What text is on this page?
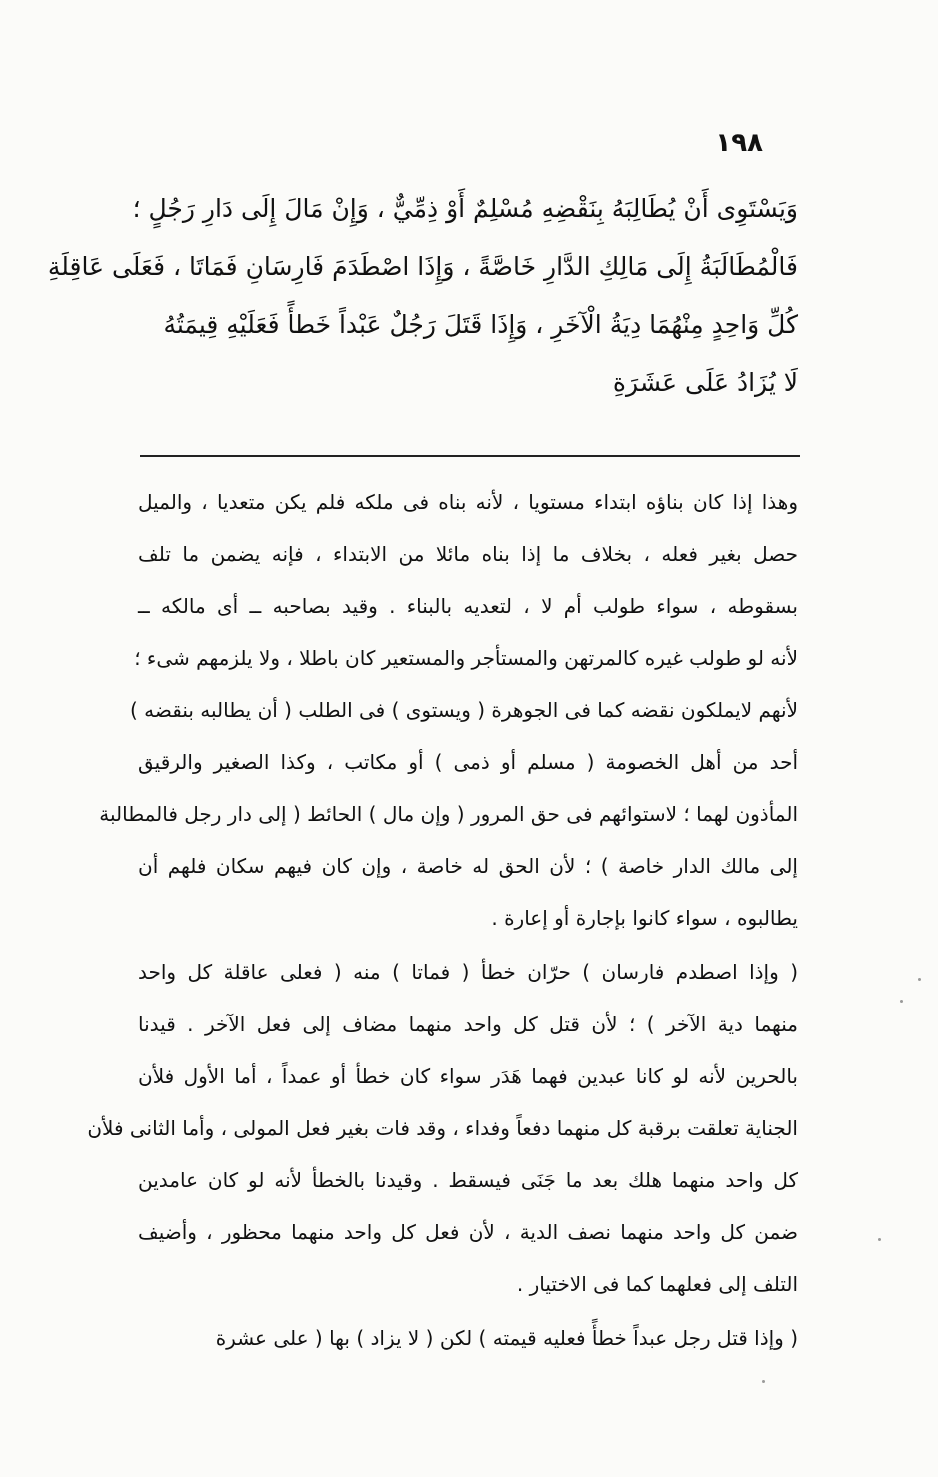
١٩٨
وَيَسْتَوِى أَنْ يُطَالِبَهُ بِنَقْضِهِ مُسْلِمٌ أَوْ ذِمِّيٌّ ، وَإِنْ مَالَ إِلَى دَارِ رَجُلٍ ؛
فَالْمُطَالَبَةُ إِلَى مَالِكِ الدَّارِ خَاصَّةً ، وَإِذَا اصْطَدَمَ فَارِسَانِ فَمَاتَا ، فَعَلَى عَاقِلَةِ
كُلِّ وَاحِدٍ مِنْهُمَا دِيَةُ الْآخَرِ ، وَإِذَا قَتَلَ رَجُلٌ عَبْداً خَطأً فَعَلَيْهِ قِيمَتُهُ
لَا يُزَادُ عَلَى عَشَرَةِ
وهذا إذا كان بناؤه ابتداء مستويا ، لأنه بناه فى ملكه فلم يكن متعديا ، والميل
حصل بغير فعله ، بخلاف ما إذا بناه مائلا من الابتداء ، فإنه يضمن ما تلف
بسقوطه ، سواء طولب أم لا ، لتعديه بالبناء . وقيد بصاحبه ــ أى مالكه ــ
لأنه لو طولب غيره كالمرتهن والمستأجر والمستعير كان باطلا ، ولا يلزمهم شىء ؛
لأنهم لايملكون نقضه كما فى الجوهرة ( ويستوى ) فى الطلب ( أن يطالبه بنقضه )
أحد من أهل الخصومة ( مسلم أو ذمى ) أو مكاتب ، وكذا الصغير والرقيق
المأذون لهما ؛ لاستوائهم فى حق المرور ( وإن مال ) الحائط ( إلى دار رجل فالمطالبة
إلى مالك الدار خاصة ) ؛ لأن الحق له خاصة ، وإن كان فيهم سكان فلهم أن
يطالبوه ، سواء كانوا بإجارة أو إعارة .
( وإذا اصطدم فارسان ) حرّان خطأ ( فماتا ) منه ( فعلى عاقلة كل واحد
منهما دية الآخر ) ؛ لأن قتل كل واحد منهما مضاف إلى فعل الآخر . قيدنا
بالحرين لأنه لو كانا عبدين فهما هَدَر سواء كان خطأ أو عمداً ، أما الأول فلأن
الجناية تعلقت برقبة كل منهما دفعاً وفداء ، وقد فات بغير فعل المولى ، وأما الثانى فلأن
كل واحد منهما هلك بعد ما جَنَى فيسقط . وقيدنا بالخطأ لأنه لو كان عامدين
ضمن كل واحد منهما نصف الدية ، لأن فعل كل واحد منهما محظور ، وأضيف
التلف إلى فعلهما كما فى الاختيار .
( وإذا قتل رجل عبداً خطأً فعليه قيمته ) لكن ( لا يزاد ) بها ( على عشرة
